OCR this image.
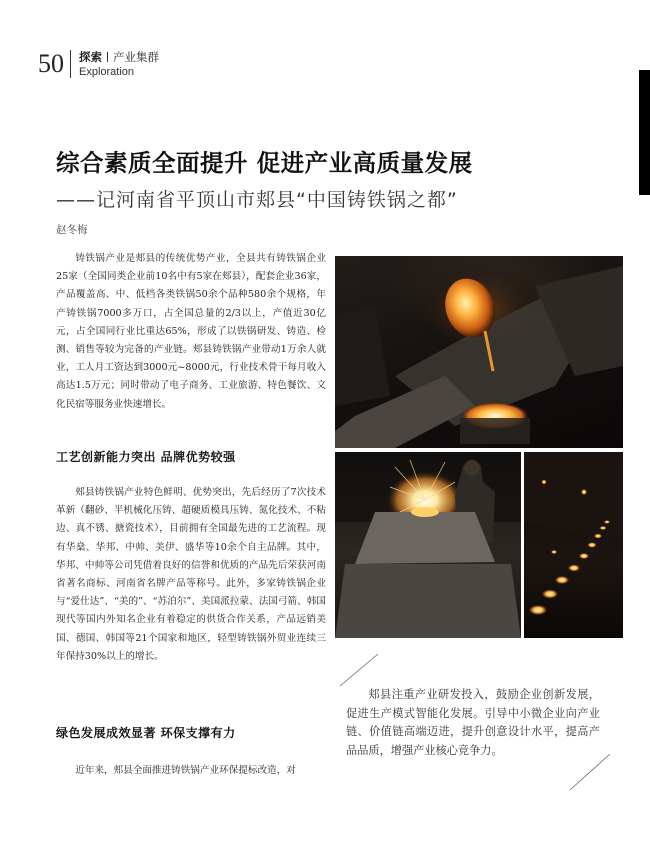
50 探索 产业集群
Exploration
综合素质全面提升 促进产业高质量发展
——记河南省平顶山市郏县“中国铸铁锅之都”
赵冬梅

铸铁锅产业是郏县的传统优势产业，全县共有铸铁锅企业25家（全国同类企业前10名中有5家在郏县），配套企业36家，产品覆盖高、中、低档各类铁锅50余个品种580余个规格，年产铸铁锅7000多万口，占全国总量的2/3以上，产值近30亿元，占全国同行业比重达65%，形成了以铁锅研发、铸造、检测、销售等较为完备的产业链。郏县铸铁锅产业带动1万余人就业，工人月工资达到3000元~8000元，行业技术骨干每月收入高达1.5万元；同时带动了电子商务、工业旅游、特色餐饮、文化民宿等服务业快速增长。

工艺创新能力突出 品牌优势较强

郏县铸铁锅产业特色鲜明、优势突出，先后经历了7次技术革新（翻砂、半机械化压铸、超硬质模具压铸、氮化技术、不粘边、真不锈、搪瓷技术），目前拥有全国最先进的工艺流程。现有华燊、华邦、中帅、美伊、盛华等10余个自主品牌。其中，华邦、中帅等公司凭借着良好的信誉和优质的产品先后荣获河南省著名商标、河南省名牌产品等称号。此外，多家铸铁锅企业与“爱仕达”、“美的”、“苏泊尔”、美国派拉蒙、法国弓箭、韩国现代等国内外知名企业有着稳定的供货合作关系，产品远销美国、德国、韩国等21个国家和地区，轻型铸铁锅外贸业连续三年保持30%以上的增长。

绿色发展成效显著 环保支撑有力

近年来，郏县全面推进铸铁锅产业环保提标改造，对

郏县注重产业研发投入，鼓励企业创新发展，促进生产模式智能化发展。引导中小微企业向产业链、价值链高端迈进，提升创意设计水平，提高产品品质，增强产业核心竞争力。
